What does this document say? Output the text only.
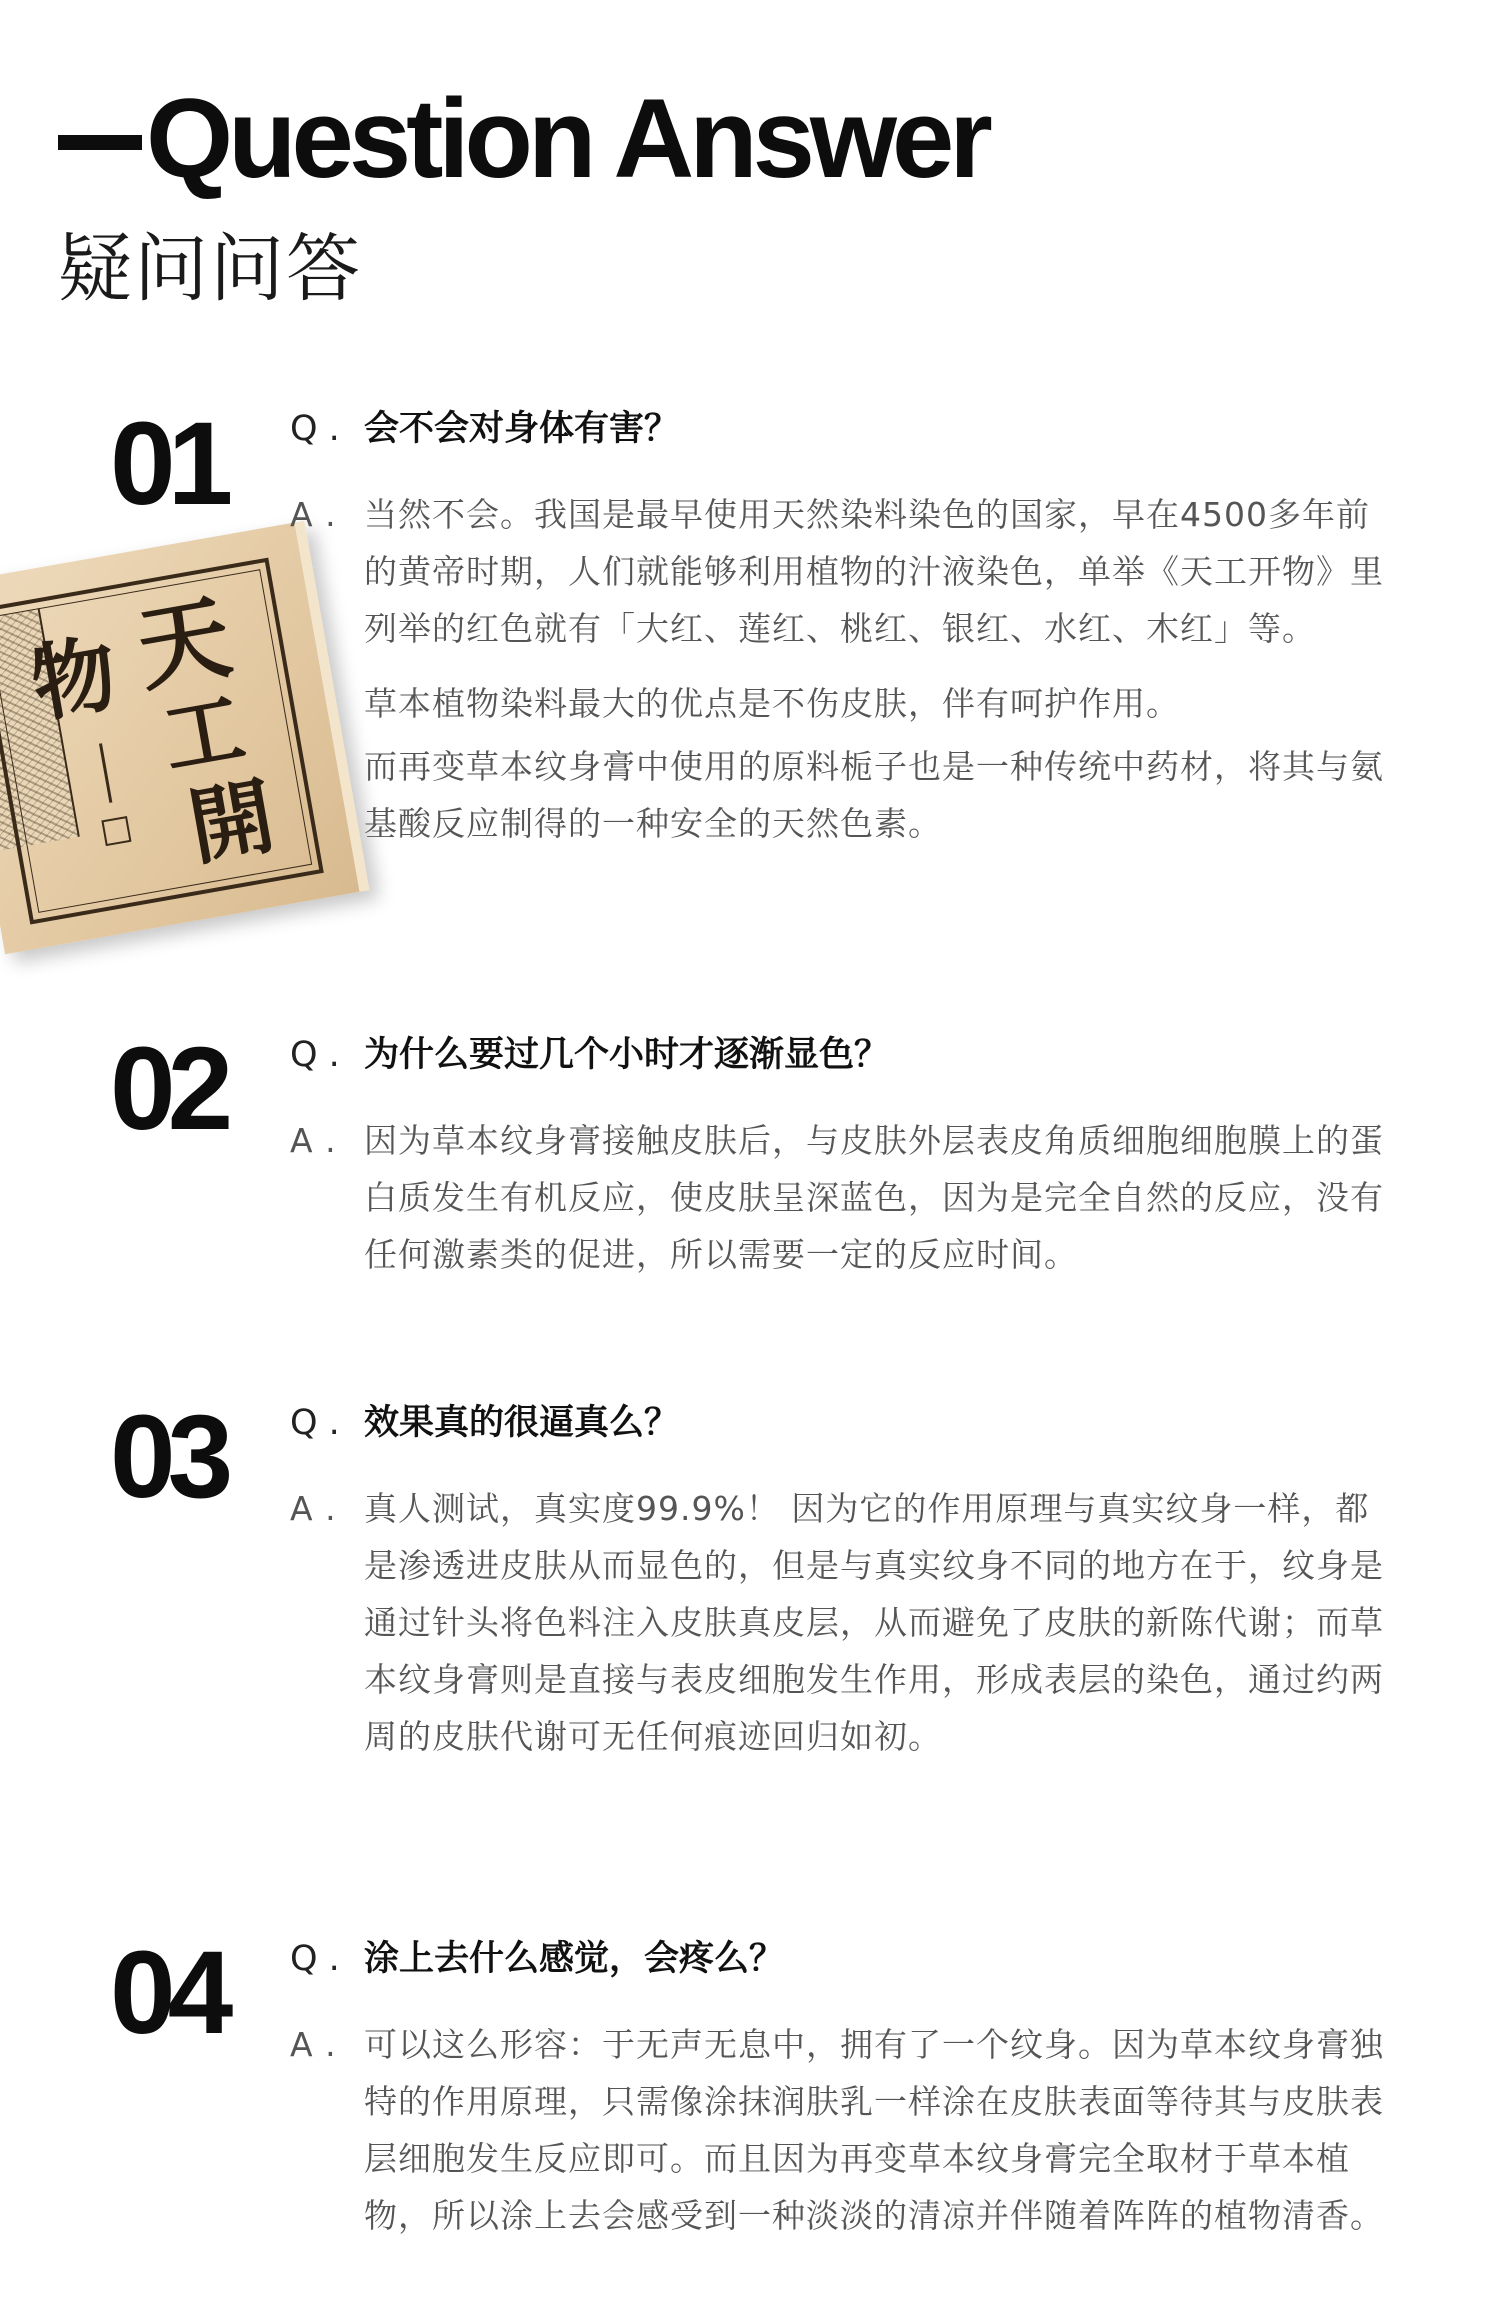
Question Answer
疑问问答
天
工
開
物
01 Q . 会不会对身体有害？
A . 当然不会。我国是最早使用天然染料染色的国家，早在4500多年前的黄帝时期，人们就能够利用植物的汁液染色，单举《天工开物》里列举的红色就有「大红、莲红、桃红、银红、水红、木红」等。
草本植物染料最大的优点是不伤皮肤，伴有呵护作用。
而再变草本纹身膏中使用的原料栀子也是一种传统中药材，将其与氨基酸反应制得的一种安全的天然色素。
02 Q . 为什么要过几个小时才逐渐显色？
A . 因为草本纹身膏接触皮肤后，与皮肤外层表皮角质细胞细胞膜上的蛋白质发生有机反应，使皮肤呈深蓝色，因为是完全自然的反应，没有任何激素类的促进，所以需要一定的反应时间。
03 Q . 效果真的很逼真么？
A . 真人测试，真实度99.9%！ 因为它的作用原理与真实纹身一样，都是渗透进皮肤从而显色的，但是与真实纹身不同的地方在于，纹身是通过针头将色料注入皮肤真皮层，从而避免了皮肤的新陈代谢；而草本纹身膏则是直接与表皮细胞发生作用，形成表层的染色，通过约两周的皮肤代谢可无任何痕迹回归如初。
04 Q . 涂上去什么感觉，会疼么？
A . 可以这么形容：于无声无息中，拥有了一个纹身。因为草本纹身膏独特的作用原理，只需像涂抹润肤乳一样涂在皮肤表面等待其与皮肤表层细胞发生反应即可。而且因为再变草本纹身膏完全取材于草本植物，所以涂上去会感受到一种淡淡的清凉并伴随着阵阵的植物清香。
